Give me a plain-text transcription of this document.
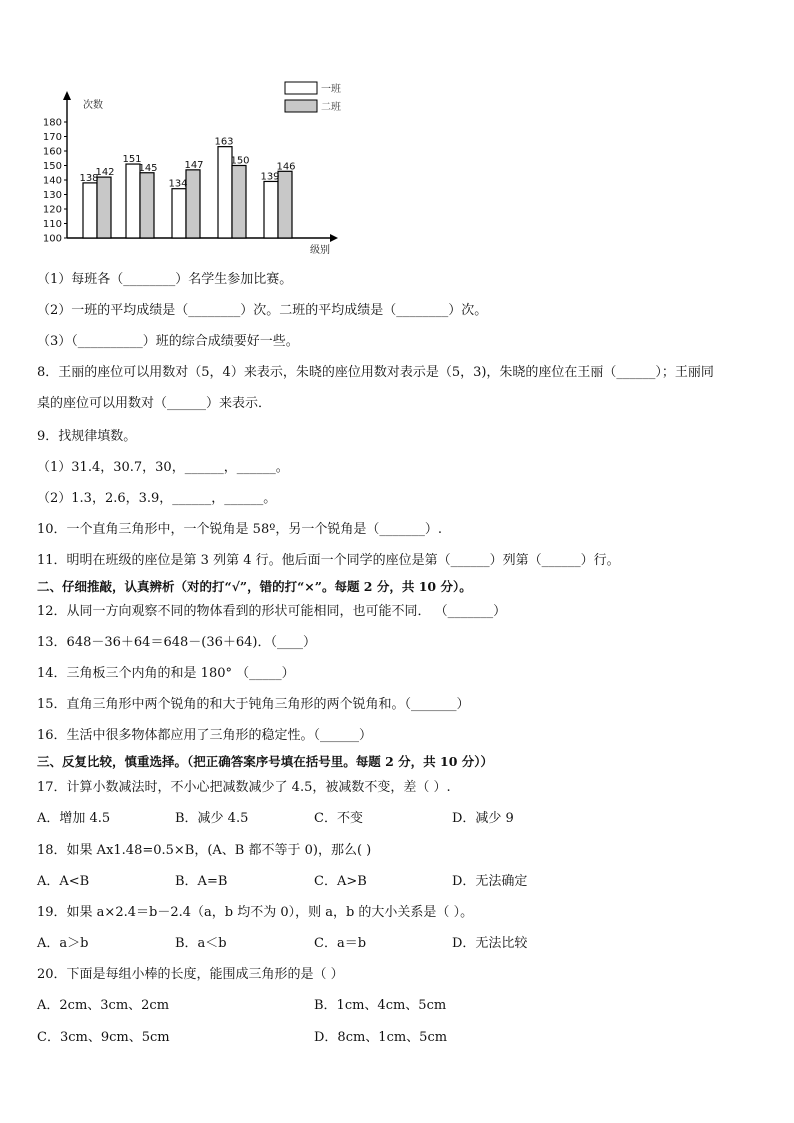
次数
级别
100
110
120
130
140
150
160
170
180
138
142
151
145
134
147
163
150
139
146
一班
二班
（1）每班各（________）名学生参加比赛。
（2）一班的平均成绩是（________）次。二班的平均成绩是（________）次。
（3）（__________）班的综合成绩要好一些。
8．王丽的座位可以用数对（5，4）来表示，朱晓的座位用数对表示是（5，3)，朱晓的座位在王丽（______）；王丽同
桌的座位可以用数对（______）来表示．
9．找规律填数。
（1）31.4，30.7，30，______，______。
（2）1.3，2.6，3.9，______，______。
10．一个直角三角形中，一个锐角是 58º，另一个锐角是（_______）.
11．明明在班级的座位是第 3 列第 4 行。他后面一个同学的座位是第（______）列第（______）行。
二、仔细推敲，认真辨析（对的打“√”，错的打“×”。每题 2 分，共 10 分）。
12．从同一方向观察不同的物体看到的形状可能相同，也可能不同． （_______）
13．648－36＋64＝648－(36＋64)．（____）
14．三角板三个内角的和是 180° （_____）
15．直角三角形中两个锐角的和大于钝角三角形的两个锐角和。（_______）
16．生活中很多物体都应用了三角形的稳定性。（______）
三、反复比较，慎重选择。（把正确答案序号填在括号里。每题 2 分，共 10 分））
17．计算小数减法时，不小心把减数减少了 4.5，被减数不变，差（ ）.
A．增加 4.5	B．减少 4.5	C．不变	D．减少 9
18．如果 Ax1.48=0.5×B，(A、B 都不等于 0)，那么( )
A．A<B	B．A=B	C．A>B	D．无法确定
19．如果 a×2.4＝b－2.4（a，b 均不为 0），则 a，b 的大小关系是（ ）。
A．a＞b	B．a＜b	C．a＝b	D．无法比较
20．下面是每组小棒的长度，能围成三角形的是（ ）
A．2cm、3cm、2cm	B．1cm、4cm、5cm
C．3cm、9cm、5cm	D．8cm、1cm、5cm
